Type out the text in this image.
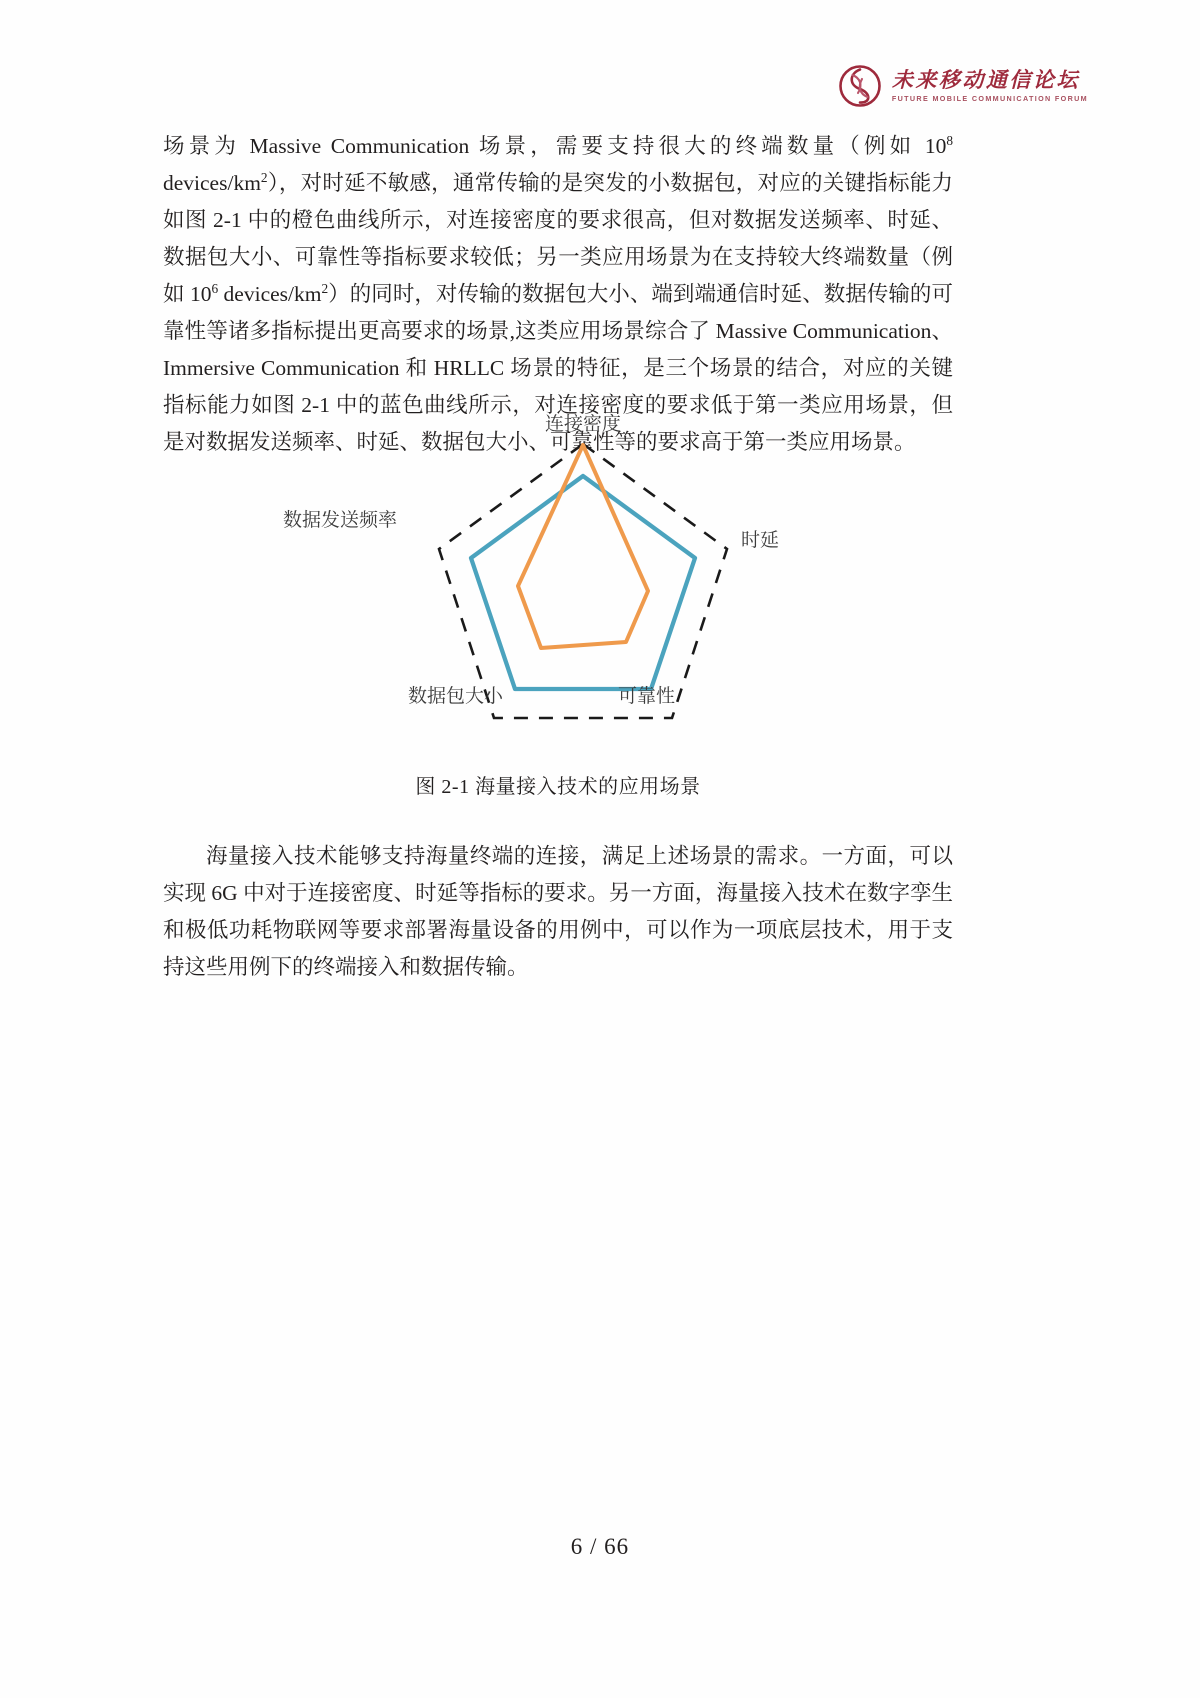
未来移动通信论坛
FUTURE MOBILE COMMUNICATION FORUM

场景为 Massive Communication 场景，需要支持很大的终端数量（例如 $10^8$ devices/$km^2$），对时延不敏感，通常传输的是突发的小数据包，对应的关键指标能力如图 2-1 中的橙色曲线所示，对连接密度的要求很高，但对数据发送频率、时延、数据包大小、可靠性等指标要求较低；另一类应用场景为在支持较大终端数量（例如 $10^6$ devices/$km^2$）的同时，对传输的数据包大小、端到端通信时延、数据传输的可靠性等诸多指标提出更高要求的场景,这类应用场景综合了 Massive Communication、Immersive Communication 和 HRLLC 场景的特征，是三个场景的结合，对应的关键指标能力如图 2-1 中的蓝色曲线所示，对连接密度的要求低于第一类应用场景，但是对数据发送频率、时延、数据包大小、可靠性等的要求高于第一类应用场景。

连接密度
时延
可靠性
数据包大小
数据发送频率
图 2-1 海量接入技术的应用场景

海量接入技术能够支持海量终端的连接，满足上述场景的需求。一方面，可以实现 6G 中对于连接密度、时延等指标的要求。另一方面，海量接入技术在数字孪生和极低功耗物联网等要求部署海量设备的用例中，可以作为一项底层技术，用于支持这些用例下的终端接入和数据传输。

6 / 66
